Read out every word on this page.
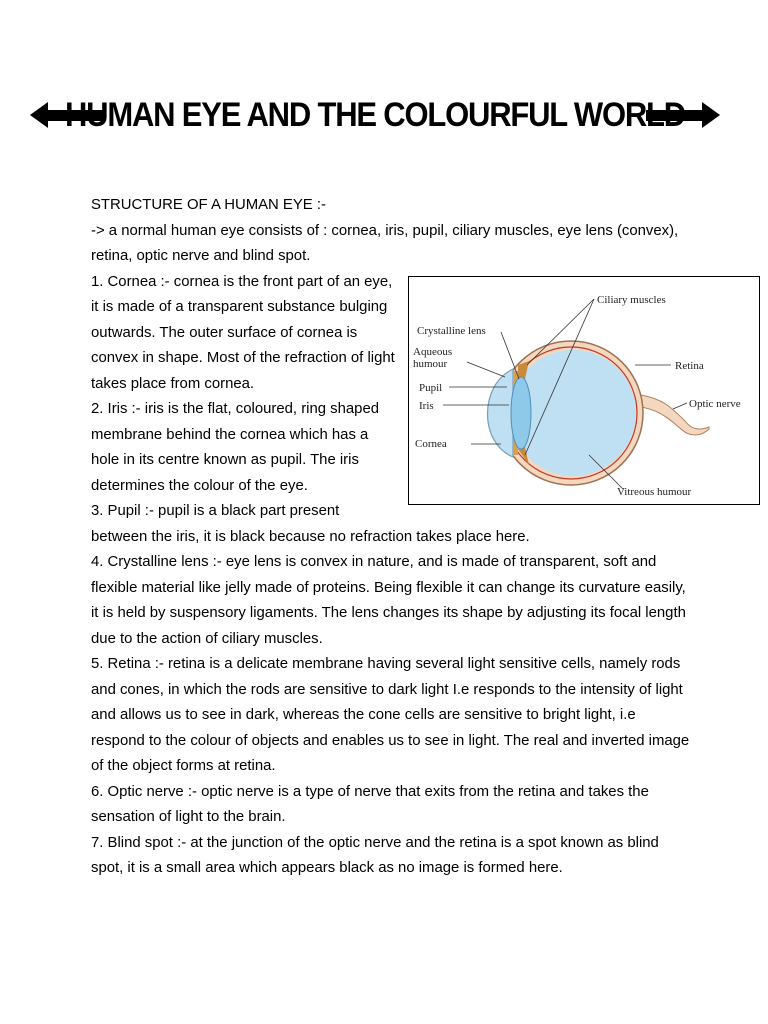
HUMAN EYE AND THE COLOURFUL WORLD

STRUCTURE OF A HUMAN EYE :-

-> a normal human eye consists of : cornea, iris, pupil, ciliary muscles, eye lens (convex), retina, optic nerve and blind spot.

Ciliary muscles
Crystalline lens
Aqueous
humour
Pupil
Iris
Cornea
Retina
Optic nerve
Vitreous humour

1. Cornea :- cornea is the front part of an eye, it is made of a transparent substance bulging outwards. The outer surface of cornea is convex in shape. Most of the refraction of light takes place from cornea.

2. Iris :- iris is the flat, coloured, ring shaped membrane behind the cornea which has a hole in its centre known as pupil. The iris determines the colour of the eye.

3. Pupil :- pupil is a black part present between the iris, it is black because no refraction takes place here.

4. Crystalline lens :- eye lens is convex in nature, and is made of transparent, soft and flexible material like jelly made of proteins. Being flexible it can change its curvature easily, it is held by suspensory ligaments. The lens changes its shape by adjusting its focal length due to the action of ciliary muscles.

5. Retina :- retina is a delicate membrane having several light sensitive cells, namely rods and cones, in which the rods are sensitive to dark light I.e responds to the intensity of light and allows us to see in dark, whereas the cone cells are sensitive to bright light, i.e respond to the colour of objects and enables us to see in light. The real and inverted image of the object forms at retina.

6. Optic nerve :- optic nerve is a type of nerve that exits from the retina and takes the sensation of light to the brain.

7. Blind spot :- at the junction of the optic nerve and the retina is a spot known as blind spot, it is a small area which appears black as no image is formed here.
